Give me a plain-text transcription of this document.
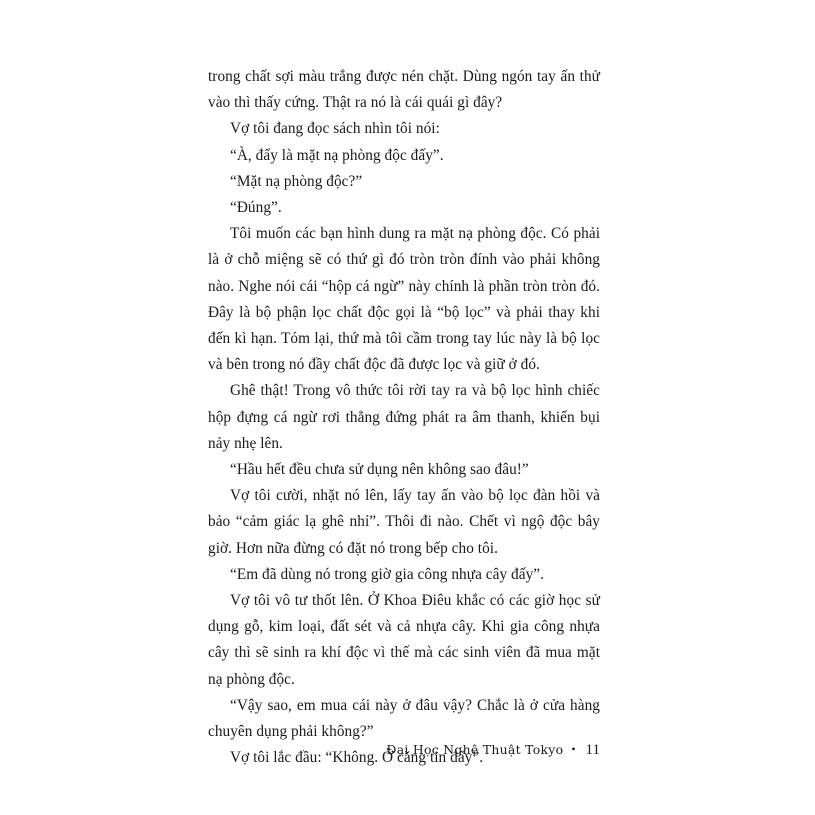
trong chất sợi màu trắng được nén chặt. Dùng ngón tay ấn thử vào thì thấy cứng. Thật ra nó là cái quái gì đây?

Vợ tôi đang đọc sách nhìn tôi nói:

“À, đấy là mặt nạ phòng độc đấy”.

“Mặt nạ phòng độc?”

“Đúng”.

Tôi muốn các bạn hình dung ra mặt nạ phòng độc. Có phải là ở chỗ miệng sẽ có thứ gì đó tròn tròn đính vào phải không nào. Nghe nói cái “hộp cá ngừ” này chính là phần tròn tròn đó. Đây là bộ phận lọc chất độc gọi là “bộ lọc” và phải thay khi đến kì hạn. Tóm lại, thứ mà tôi cầm trong tay lúc này là bộ lọc và bên trong nó đầy chất độc đã được lọc và giữ ở đó.

Ghê thật! Trong vô thức tôi rời tay ra và bộ lọc hình chiếc hộp đựng cá ngừ rơi thẳng đứng phát ra âm thanh, khiến bụi nảy nhẹ lên.

“Hầu hết đều chưa sử dụng nên không sao đâu!”

Vợ tôi cười, nhặt nó lên, lấy tay ấn vào bộ lọc đàn hồi và bảo “cảm giác lạ ghê nhỉ”. Thôi đi nào. Chết vì ngộ độc bây giờ. Hơn nữa đừng có đặt nó trong bếp cho tôi.

“Em đã dùng nó trong giờ gia công nhựa cây đấy”.

Vợ tôi vô tư thốt lên. Ở Khoa Điêu khắc có các giờ học sử dụng gỗ, kim loại, đất sét và cả nhựa cây. Khi gia công nhựa cây thì sẽ sinh ra khí độc vì thế mà các sinh viên đã mua mặt nạ phòng độc.

“Vậy sao, em mua cái này ở đâu vậy? Chắc là ở cửa hàng chuyên dụng phải không?”

Vợ tôi lắc đầu: “Không. Ở căng tin đấy”.

Đại Học Nghệ Thuật Tokyo • 11
